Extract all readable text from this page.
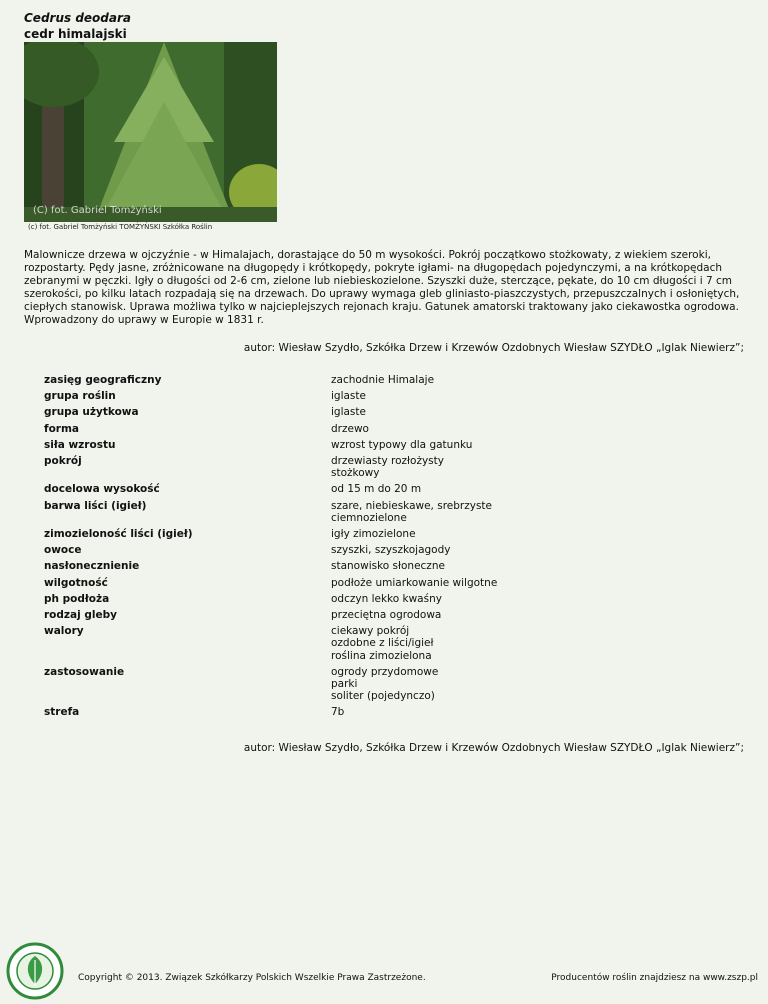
Cedrus deodara
cedr himalajski
(C) fot. Gabriel Tomżyński
(c) fot. Gabriel Tomżyński TOMŻYŃSKI Szkółka Roślin
Malownicze drzewa w ojczyźnie - w Himalajach, dorastające do 50 m wysokości. Pokrój początkowo stożkowaty, z wiekiem szeroki, rozpostarty. Pędy jasne, zróżnicowane na długopędy i krótkopędy, pokryte igłami- na długopędach pojedynczymi, a na krótkopędach zebranymi w pęczki. Igły o długości od 2-6 cm, zielone lub niebieskozielone. Szyszki duże, sterczące, pękate, do 10 cm długości i 7 cm szerokości, po kilku latach rozpadają się na drzewach. Do uprawy wymaga gleb gliniasto-piaszczystych, przepuszczalnych i osłoniętych, ciepłych stanowisk. Uprawa możliwa tylko w najcieplejszych rejonach kraju. Gatunek amatorski traktowany jako ciekawostka ogrodowa. Wprowadzony do uprawy w Europie w 1831 r.
autor: Wiesław Szydło, Szkółka Drzew i Krzewów Ozdobnych Wiesław SZYDŁO „Iglak Niewierz”;
zasięg geograficzny	zachodnie Himalaje
grupa roślin	iglaste
grupa użytkowa	iglaste
forma	drzewo
siła wzrostu	wzrost typowy dla gatunku
pokrój	drzewiasty rozłożysty
stożkowy
docelowa wysokość	od 15 m do 20 m
barwa liści (igieł)	szare, niebieskawe, srebrzyste
ciemnozielone
zimozieloność liści (igieł)	igły zimozielone
owoce	szyszki, szyszkojagody
nasłonecznienie	stanowisko słoneczne
wilgotność	podłoże umiarkowanie wilgotne
ph podłoża	odczyn lekko kwaśny
rodzaj gleby	przeciętna ogrodowa
walory	ciekawy pokrój
ozdobne z liści/igieł
roślina zimozielona
zastosowanie	ogrody przydomowe
parki
soliter (pojedynczo)
strefa	7b
autor: Wiesław Szydło, Szkółka Drzew i Krzewów Ozdobnych Wiesław SZYDŁO „Iglak Niewierz”;
Copyright © 2013. Związek Szkółkarzy Polskich Wszelkie Prawa Zastrzeżone.	Producentów roślin znajdziesz na www.zszp.pl
